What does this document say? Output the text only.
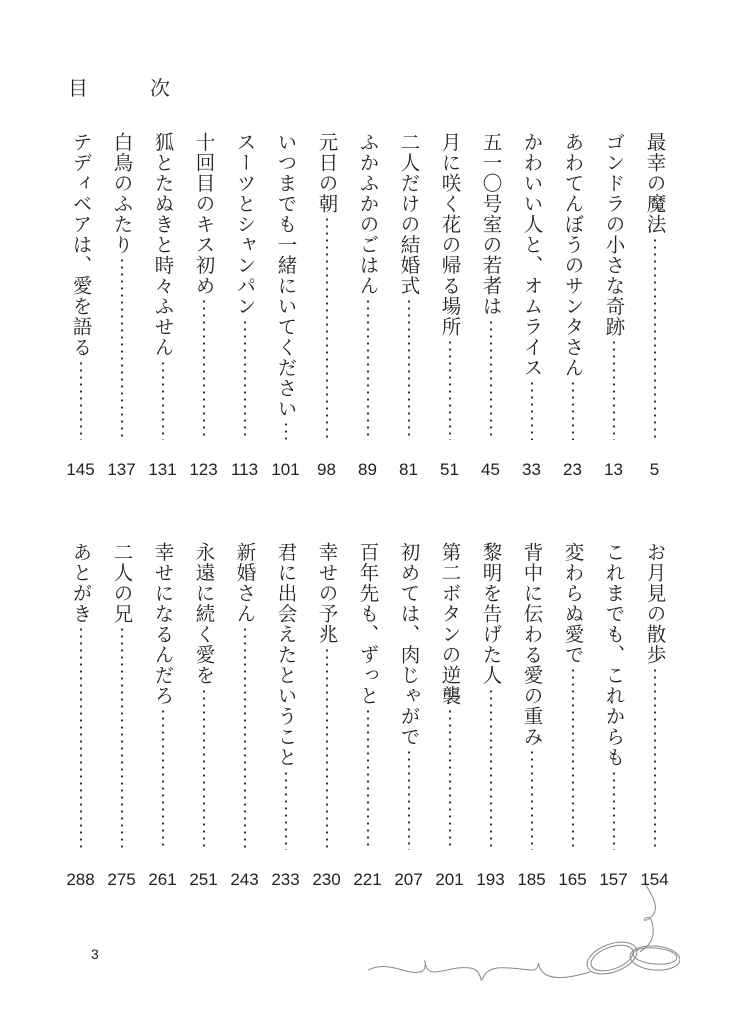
目	次
最幸の魔法
5
ゴンドラの小さな奇跡
13
あわてんぼうのサンタさん
23
かわいい人と、オムライス
33
五一〇号室の若者は
45
月に咲く花の帰る場所
51
二人だけの結婚式
81
ふかふかのごはん
89
元日の朝
98
いつまでも一緒にいてください
101
スーツとシャンパン
113
十回目のキス初め
123
狐とたぬきと時々ふせん
131
白鳥のふたり
137
テディベアは、愛を語る
145
お月見の散歩
154
これまでも、これからも
157
変わらぬ愛で
165
背中に伝わる愛の重み
185
黎明を告げた人
193
第二ボタンの逆襲
201
初めては、肉じゃがで
207
百年先も、ずっと
221
幸せの予兆
230
君に出会えたということ
233
新婚さん
243
永遠に続く愛を
251
幸せになるんだろ
261
二人の兄
275
あとがき
288
3
